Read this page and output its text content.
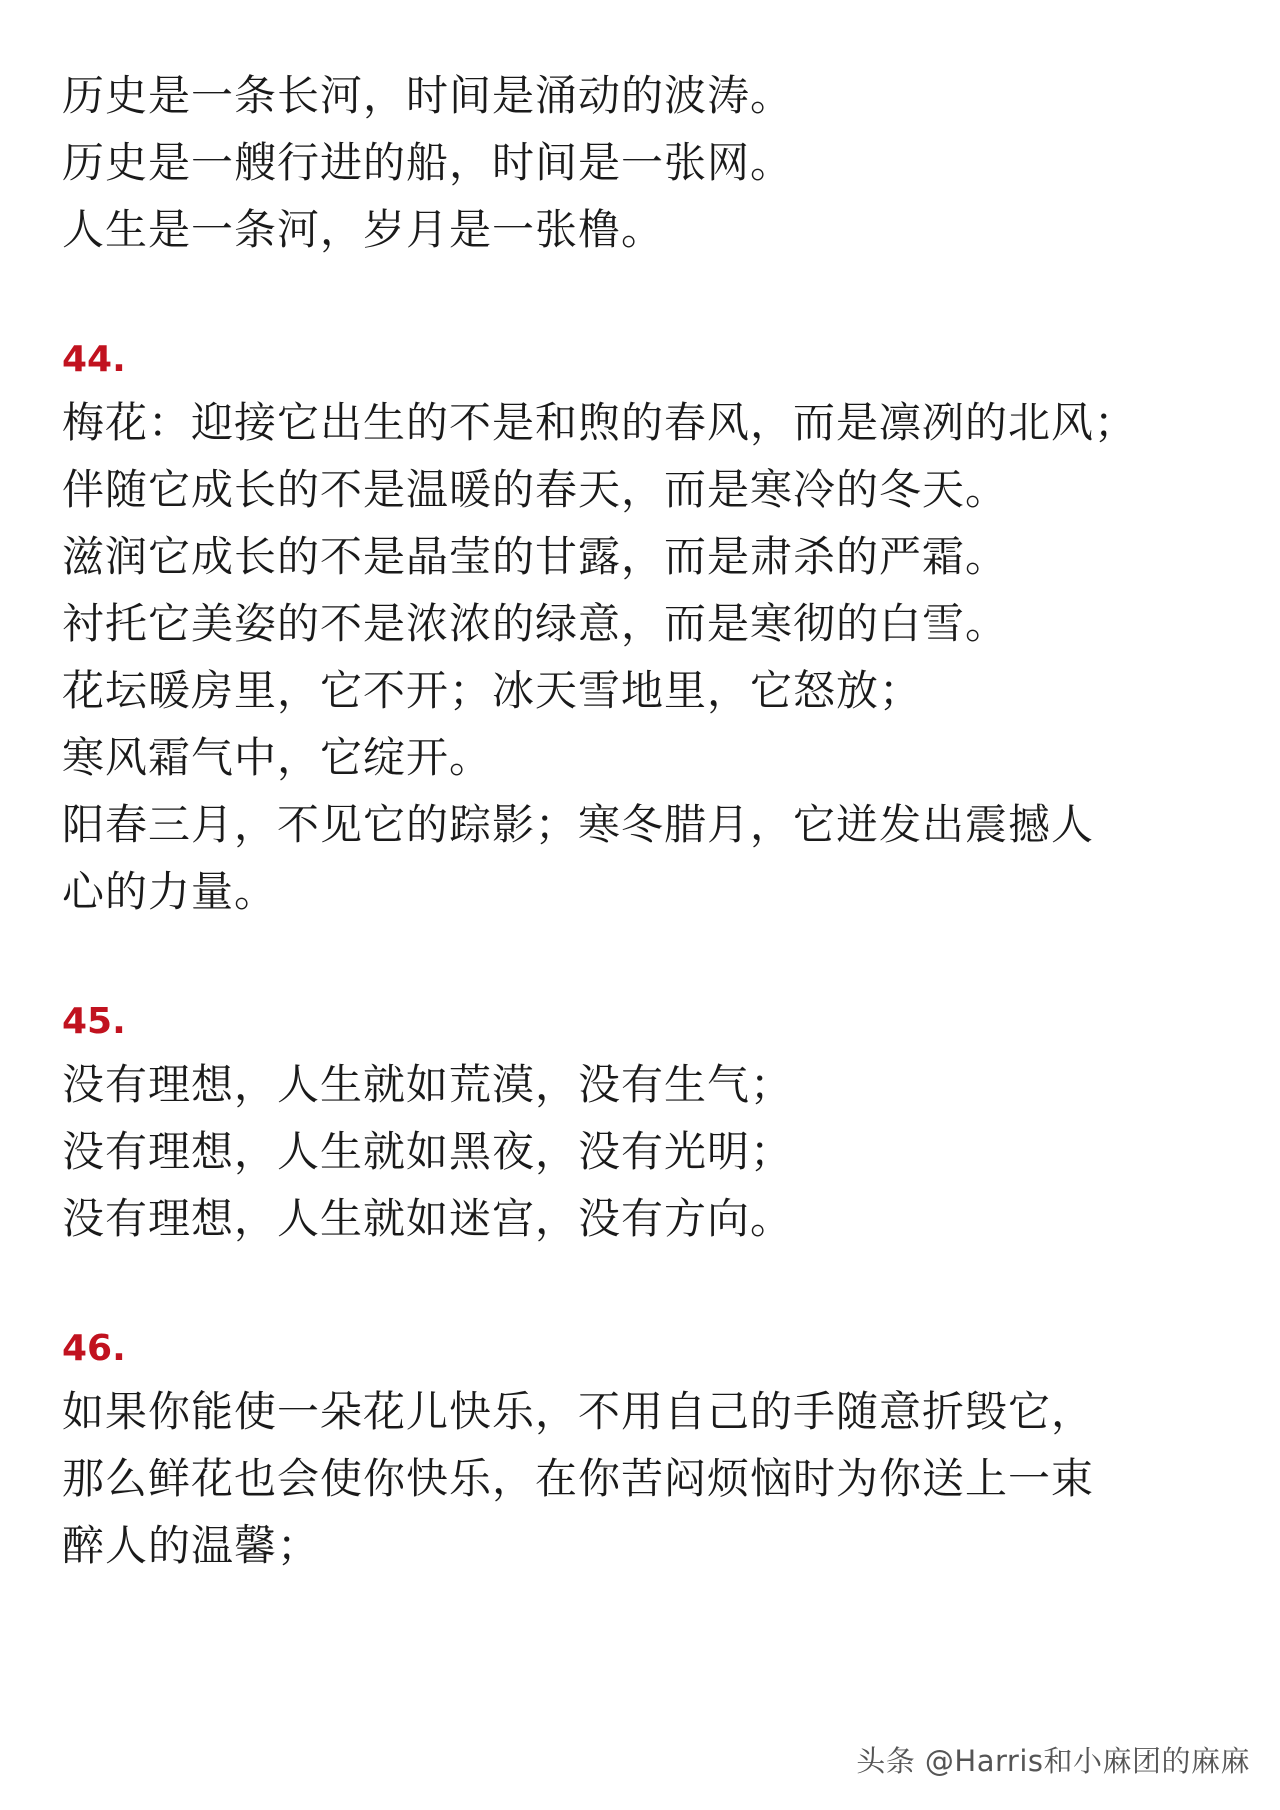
历史是一条长河，时间是涌动的波涛。
历史是一艘行进的船，时间是一张网。
人生是一条河，岁月是一张橹。
44.
梅花：迎接它出生的不是和煦的春风，而是凛冽的北风；
伴随它成长的不是温暖的春天，而是寒冷的冬天。
滋润它成长的不是晶莹的甘露，而是肃杀的严霜。
衬托它美姿的不是浓浓的绿意，而是寒彻的白雪。
花坛暖房里，它不开；冰天雪地里，它怒放；
寒风霜气中，它绽开。
阳春三月，不见它的踪影；寒冬腊月，它迸发出震撼人
心的力量。
45.
没有理想，人生就如荒漠，没有生气；
没有理想，人生就如黑夜，没有光明；
没有理想，人生就如迷宫，没有方向。
46.
如果你能使一朵花儿快乐，不用自己的手随意折毁它，
那么鲜花也会使你快乐，在你苦闷烦恼时为你送上一束
醉人的温馨；
头条 @Harris和小麻团的麻麻
